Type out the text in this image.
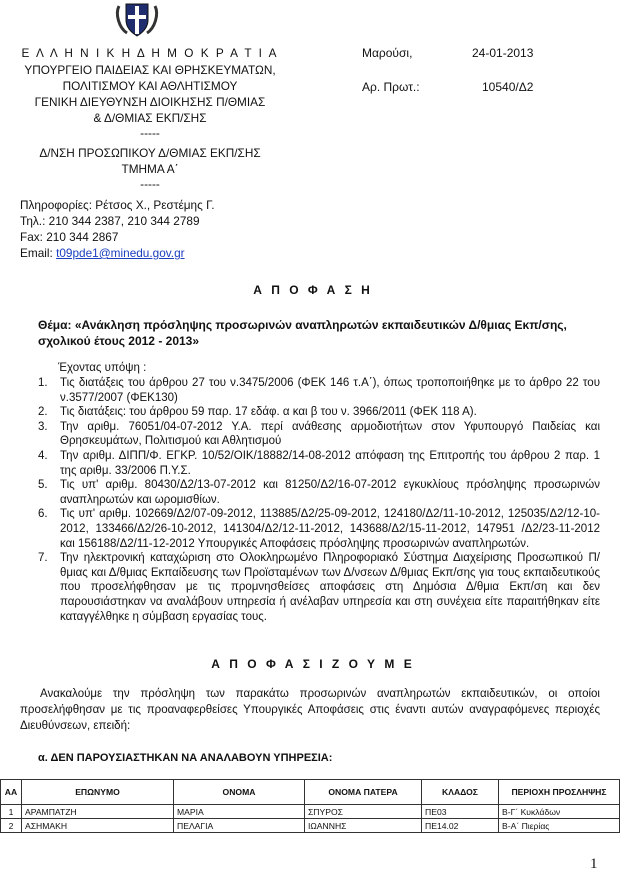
Ε Λ Λ Η Ν Ι Κ Η Δ Η Μ Ο Κ Ρ Α Τ Ι Α
ΥΠΟΥΡΓΕΙΟ ΠΑΙΔΕΙΑΣ ΚΑΙ ΘΡΗΣΚΕΥΜΑΤΩΝ,
ΠΟΛΙΤΙΣΜΟΥ ΚΑΙ ΑΘΛΗΤΙΣΜΟΥ
ΓΕΝΙΚΗ ΔΙΕΥΘΥΝΣΗ ΔΙΟΙΚΗΣΗΣ Π/ΘΜΙΑΣ
& Δ/ΘΜΙΑΣ ΕΚΠ/ΣΗΣ
-----
Δ/ΝΣΗ ΠΡΟΣΩΠΙΚΟΥ Δ/ΘΜΙΑΣ ΕΚΠ/ΣΗΣ
ΤΜΗΜΑ Α΄
-----
Μαρούσι,	24-01-2013
Αρ. Πρωτ.:	10540/Δ2
Πληροφορίες: Ρέτσος Χ., Ρεστέμης Γ.
Τηλ.: 210 344 2387, 210 344 2789
Fax: 210 344 2867
Email: t09pde1@minedu.gov.gr
Α Π Ο Φ Α Σ Η
Θέμα: «Ανάκληση πρόσληψης προσωρινών αναπληρωτών εκπαιδευτικών Δ/θμιας Εκπ/σης, σχολικού έτους 2012 - 2013»
Έχοντας υπόψη :
1. Τις διατάξεις του άρθρου 27 του ν.3475/2006 (ΦΕΚ 146 τ.Α΄), όπως τροποποιήθηκε με το άρθρο 22 του ν.3577/2007 (ΦΕΚ130)
2. Τις διατάξεις: του άρθρου 59 παρ. 17 εδάφ. α και β του ν. 3966/2011 (ΦΕΚ 118 Α).
3. Την αριθμ. 76051/04-07-2012 Υ.Α. περί ανάθεσης αρμοδιοτήτων στον Υφυπουργό Παιδείας και Θρησκευμάτων, Πολιτισμού και Αθλητισμού
4. Την αριθμ. ΔΙΠΠ/Φ. ΕΓΚΡ. 10/52/ΟΙΚ/18882/14-08-2012 απόφαση της Επιτροπής του άρθρου 2 παρ. 1 της αριθμ. 33/2006 Π.Υ.Σ.
5. Τις υπ' αριθμ. 80430/Δ2/13-07-2012 και 81250/Δ2/16-07-2012 εγκυκλίους πρόσληψης προσωρινών αναπληρωτών και ωρομισθίων.
6. Τις υπ' αριθμ. 102669/Δ2/07-09-2012, 113885/Δ2/25-09-2012, 124180/Δ2/11-10-2012, 125035/Δ2/12-10-2012, 133466/Δ2/26-10-2012, 141304/Δ2/12-11-2012, 143688/Δ2/15-11-2012, 147951 /Δ2/23-11-2012 και 156188/Δ2/11-12-2012 Υπουργικές Αποφάσεις πρόσληψης προσωρινών αναπληρωτών.
7. Την ηλεκτρονική καταχώριση στο Ολοκληρωμένο Πληροφοριακό Σύστημα Διαχείρισης Προσωπικού Π/θμιας και Δ/θμιας Εκπαίδευσης των Προϊσταμένων των Δ/νσεων Δ/θμιας Εκπ/σης για τους εκπαιδευτικούς που προσελήφθησαν με τις προμνησθείσες αποφάσεις στη Δημόσια Δ/θμια Εκπ/ση και δεν παρουσιάστηκαν να αναλάβουν υπηρεσία ή ανέλαβαν υπηρεσία και στη συνέχεια είτε παραιτήθηκαν είτε καταγγέλθηκε η σύμβαση εργασίας τους.
Α Π Ο Φ Α Σ Ι Ζ Ο Υ Μ Ε
Ανακαλούμε την πρόσληψη των παρακάτω προσωρινών αναπληρωτών εκπαιδευτικών, οι οποίοι προσελήφθησαν με τις προαναφερθείσες Υπουργικές Αποφάσεις στις έναντι αυτών αναγραφόμενες περιοχές Διευθύνσεων, επειδή:
α. ΔΕΝ ΠΑΡΟΥΣΙΑΣΤΗΚΑΝ ΝΑ ΑΝΑΛΑΒΟΥΝ ΥΠΗΡΕΣΙΑ:
ΑΑ	ΕΠΩΝΥΜΟ	ΟΝΟΜΑ	ΟΝΟΜΑ ΠΑΤΕΡΑ	ΚΛΑΔΟΣ	ΠΕΡΙΟΧΗ ΠΡΟΣΛΗΨΗΣ
1	ΑΡΑΜΠΑΤΖΗ	ΜΑΡΙΑ	ΣΠΥΡΟΣ	ΠΕ03	Β-Γ΄ Κυκλάδων
2	ΑΣΗΜΑΚΗ	ΠΕΛΑΓΙΑ	ΙΩΑΝΝΗΣ	ΠΕ14.02	Β-Α΄ Πιερίας
1
